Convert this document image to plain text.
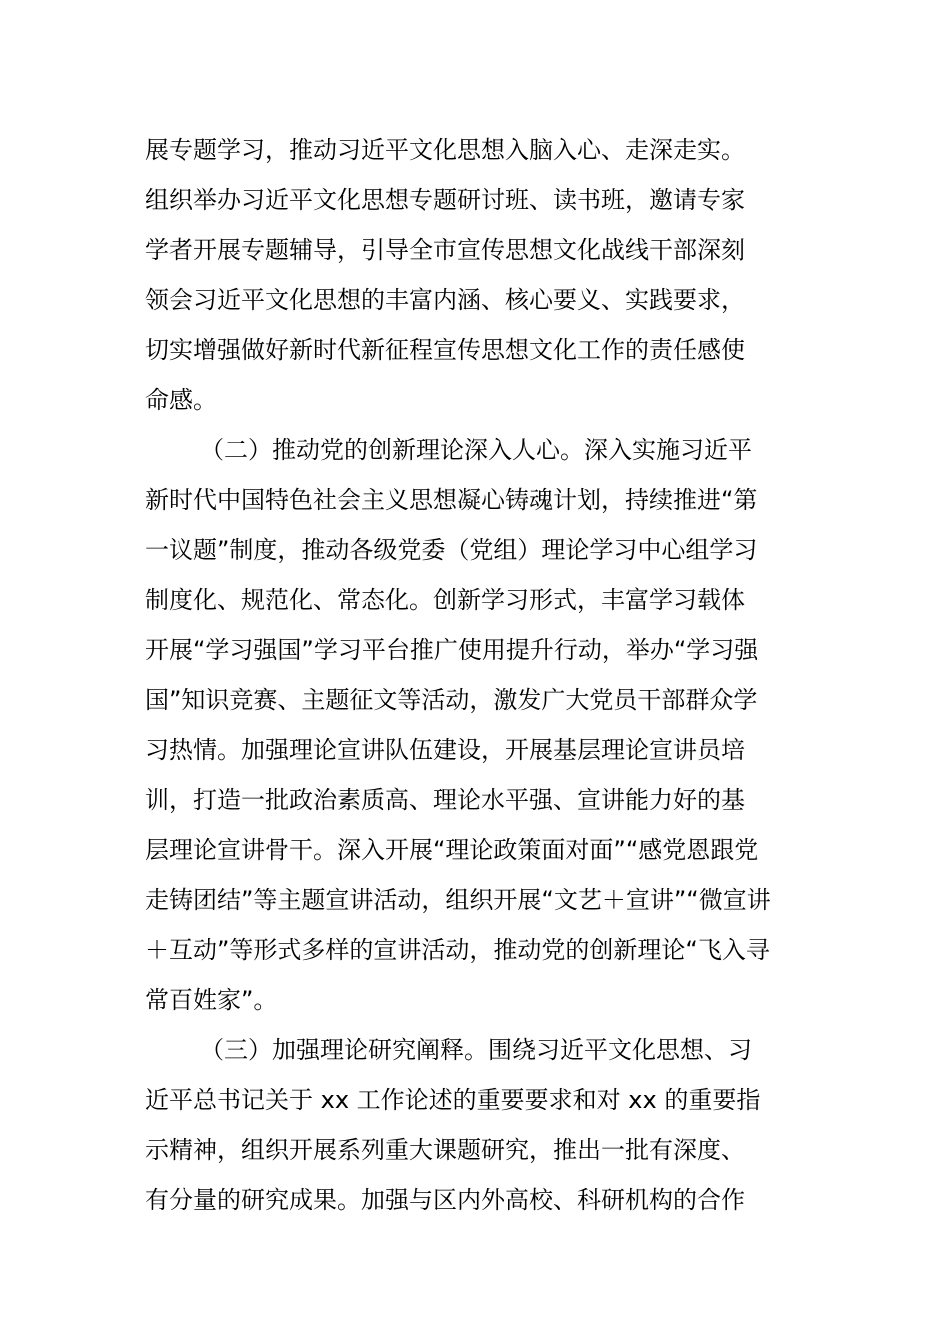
展专题学习，推动习近平文化思想入脑入心、走深走实。
组织举办习近平文化思想专题研讨班、读书班，邀请专家
学者开展专题辅导，引导全市宣传思想文化战线干部深刻
领会习近平文化思想的丰富内涵、核心要义、实践要求，
切实增强做好新时代新征程宣传思想文化工作的责任感使
命感。
（二）推动党的创新理论深入人心。深入实施习近平
新时代中国特色社会主义思想凝心铸魂计划，持续推进“第
一议题”制度，推动各级党委（党组）理论学习中心组学习
制度化、规范化、常态化。创新学习形式，丰富学习载体
开展“学习强国”学习平台推广使用提升行动，举办“学习强
国”知识竞赛、主题征文等活动，激发广大党员干部群众学
习热情。加强理论宣讲队伍建设，开展基层理论宣讲员培
训，打造一批政治素质高、理论水平强、宣讲能力好的基
层理论宣讲骨干。深入开展“理论政策面对面”“感党恩跟党
走铸团结”等主题宣讲活动，组织开展“文艺＋宣讲”“微宣讲
＋互动”等形式多样的宣讲活动，推动党的创新理论“飞入寻
常百姓家”。
（三）加强理论研究阐释。围绕习近平文化思想、习
近平总书记关于 xx 工作论述的重要要求和对 xx 的重要指
示精神，组织开展系列重大课题研究，推出一批有深度、
有分量的研究成果。加强与区内外高校、科研机构的合作
